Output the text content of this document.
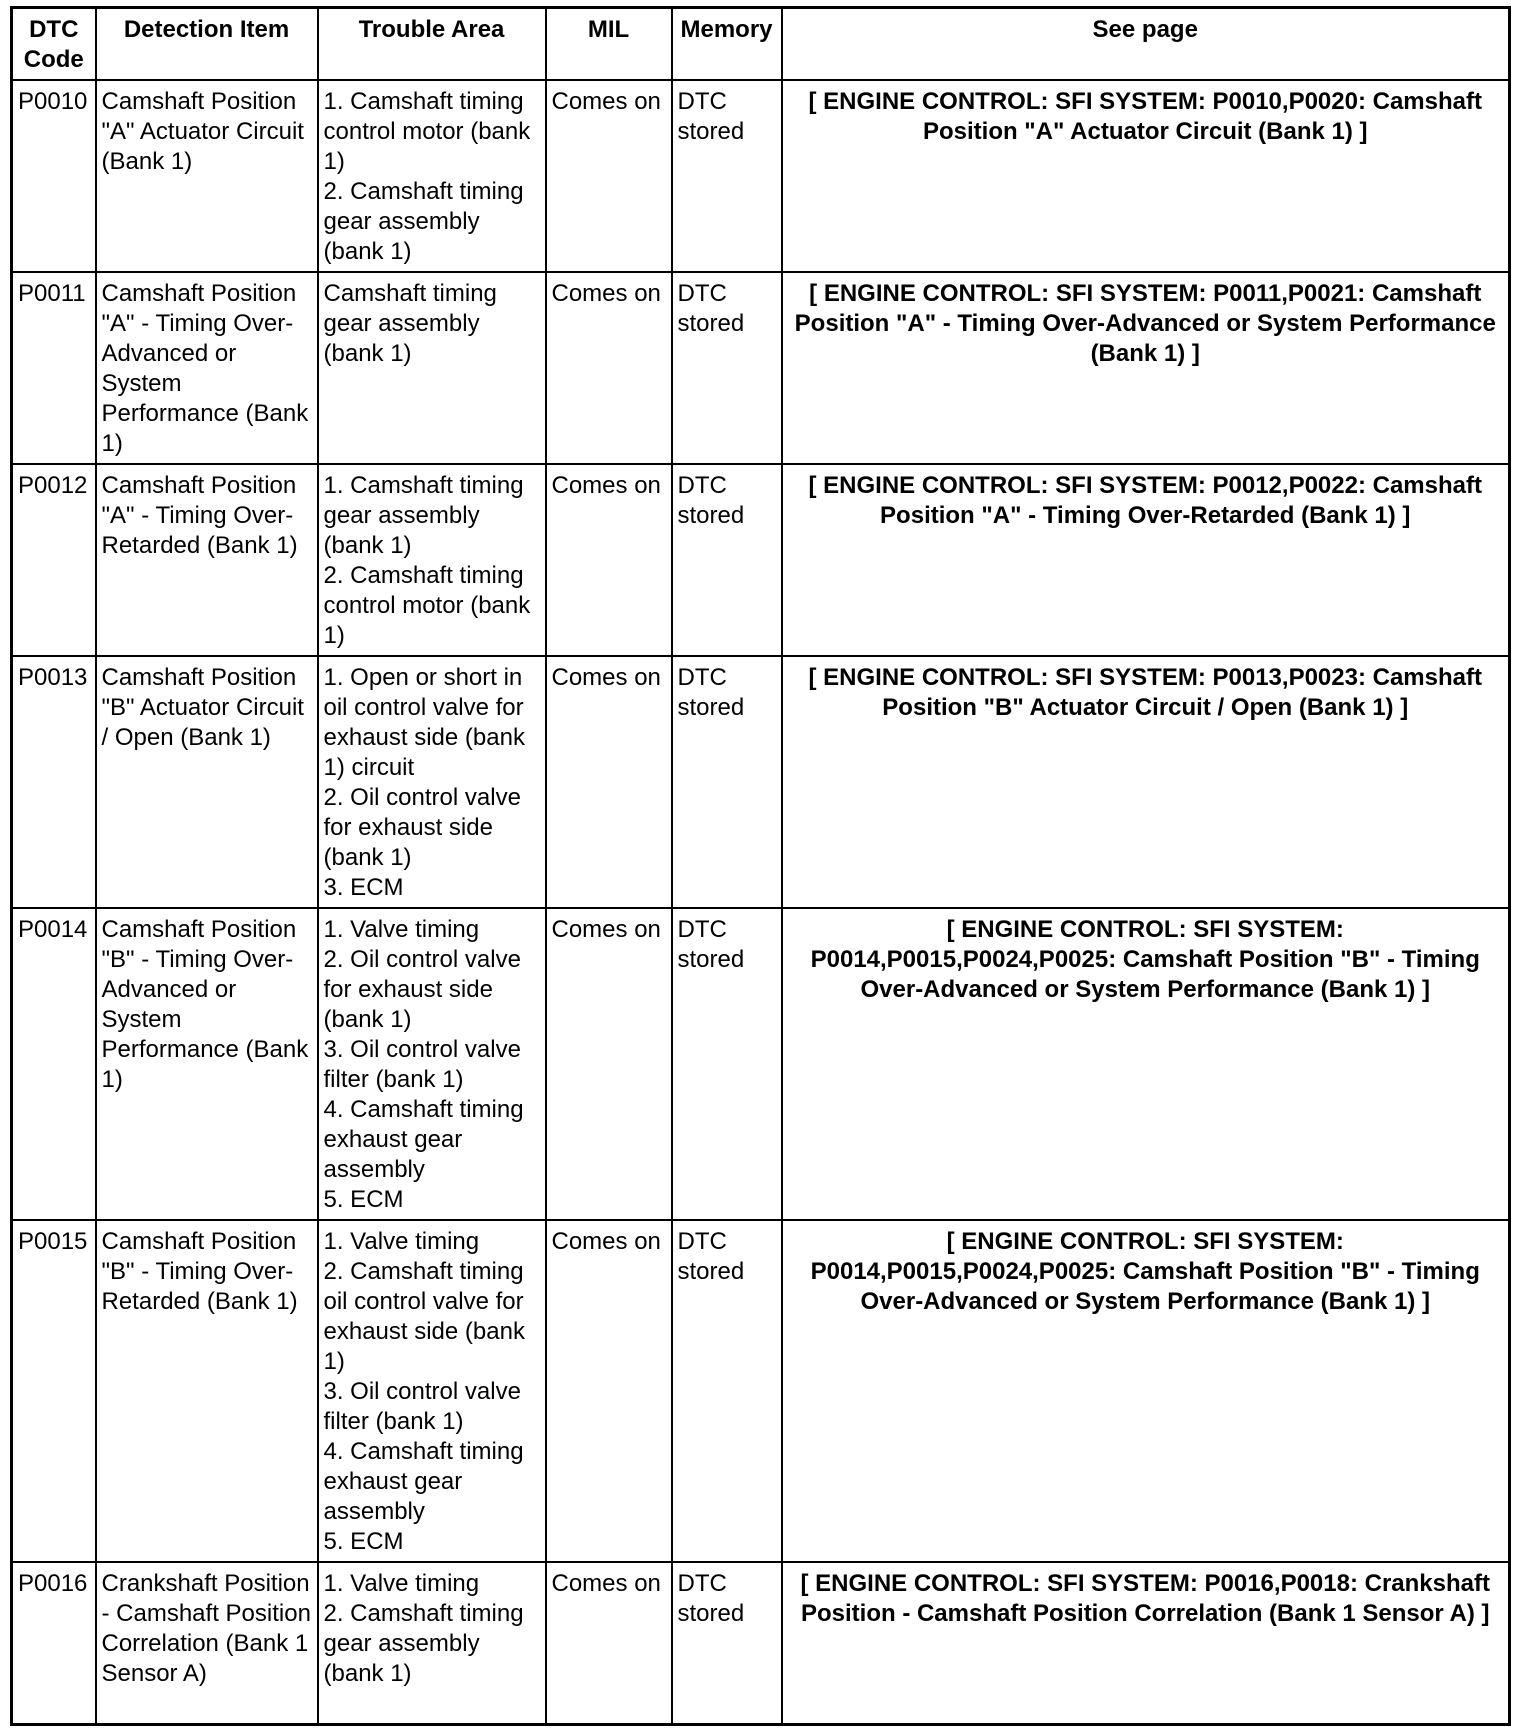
DTC Code	Detection Item	Trouble Area	MIL	Memory	See page
P0010	Camshaft Position "A" Actuator Circuit (Bank 1)	1. Camshaft timing control motor (bank 1)
2. Camshaft timing gear assembly (bank 1)	Comes on	DTC stored	[ ENGINE CONTROL: SFI SYSTEM: P0010,P0020: Camshaft Position "A" Actuator Circuit (Bank 1) ]
P0011	Camshaft Position "A" - Timing Over-Advanced or System Performance (Bank 1)	Camshaft timing gear assembly (bank 1)	Comes on	DTC stored	[ ENGINE CONTROL: SFI SYSTEM: P0011,P0021: Camshaft Position "A" - Timing Over-Advanced or System Performance (Bank 1) ]
P0012	Camshaft Position "A" - Timing Over-Retarded (Bank 1)	1. Camshaft timing gear assembly (bank 1)
2. Camshaft timing control motor (bank 1)	Comes on	DTC stored	[ ENGINE CONTROL: SFI SYSTEM: P0012,P0022: Camshaft Position "A" - Timing Over-Retarded (Bank 1) ]
P0013	Camshaft Position "B" Actuator Circuit / Open (Bank 1)	1. Open or short in oil control valve for exhaust side (bank 1) circuit
2. Oil control valve for exhaust side (bank 1)
3. ECM	Comes on	DTC stored	[ ENGINE CONTROL: SFI SYSTEM: P0013,P0023: Camshaft Position "B" Actuator Circuit / Open (Bank 1) ]
P0014	Camshaft Position "B" - Timing Over-Advanced or System Performance (Bank 1)	1. Valve timing
2. Oil control valve for exhaust side (bank 1)
3. Oil control valve filter (bank 1)
4. Camshaft timing exhaust gear assembly
5. ECM	Comes on	DTC stored	[ ENGINE CONTROL: SFI SYSTEM: P0014,P0015,P0024,P0025: Camshaft Position "B" - Timing Over-Advanced or System Performance (Bank 1) ]
P0015	Camshaft Position "B" - Timing Over-Retarded (Bank 1)	1. Valve timing
2. Camshaft timing oil control valve for exhaust side (bank 1)
3. Oil control valve filter (bank 1)
4. Camshaft timing exhaust gear assembly
5. ECM	Comes on	DTC stored	[ ENGINE CONTROL: SFI SYSTEM: P0014,P0015,P0024,P0025: Camshaft Position "B" - Timing Over-Advanced or System Performance (Bank 1) ]
P0016	Crankshaft Position - Camshaft Position Correlation (Bank 1 Sensor A)	1. Valve timing
2. Camshaft timing gear assembly (bank 1)	Comes on	DTC stored	[ ENGINE CONTROL: SFI SYSTEM: P0016,P0018: Crankshaft Position - Camshaft Position Correlation (Bank 1 Sensor A) ]
